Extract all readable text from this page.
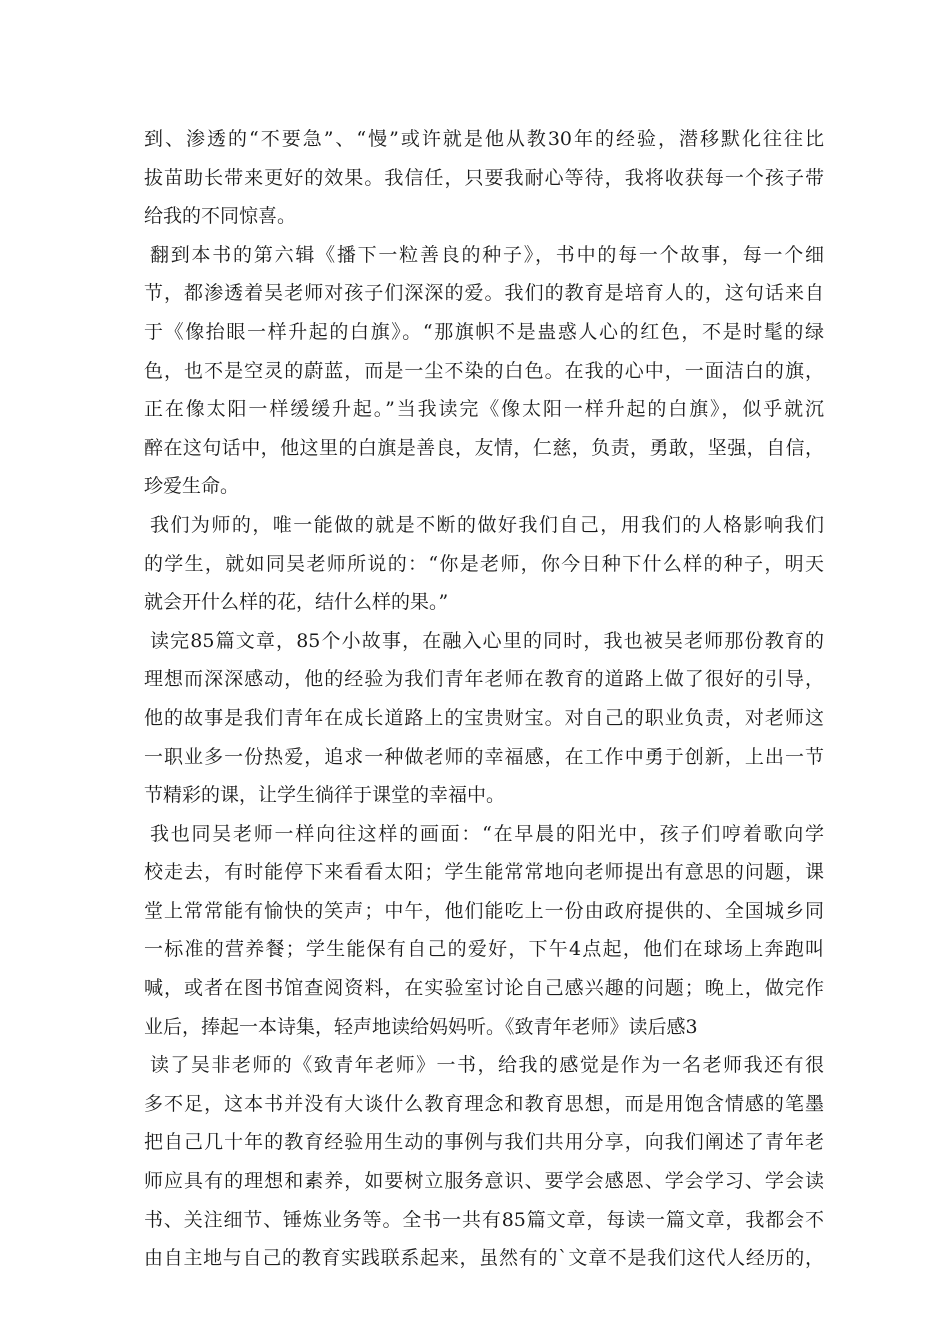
到、渗透的“不要急”、“慢”或许就是他从教30年的经验，潜移默化往往比
拔苗助长带来更好的效果。我信任，只要我耐心等待，我将收获每一个孩子带
给我的不同惊喜。
翻到本书的第六辑《播下一粒善良的种子》，书中的每一个故事，每一个细
节，都渗透着吴老师对孩子们深深的爱。我们的教育是培育人的，这句话来自
于《像抬眼一样升起的白旗》。“那旗帜不是蛊惑人心的红色，不是时髦的绿
色，也不是空灵的蔚蓝，而是一尘不染的白色。在我的心中，一面洁白的旗，
正在像太阳一样缓缓升起。”当我读完《像太阳一样升起的白旗》，似乎就沉
醉在这句话中，他这里的白旗是善良，友情，仁慈，负责，勇敢，坚强，自信，
珍爱生命。
我们为师的，唯一能做的就是不断的做好我们自己，用我们的人格影响我们
的学生，就如同吴老师所说的：“你是老师，你今日种下什么样的种子，明天
就会开什么样的花，结什么样的果。”
读完85篇文章，85个小故事，在融入心里的同时，我也被吴老师那份教育的
理想而深深感动，他的经验为我们青年老师在教育的道路上做了很好的引导，
他的故事是我们青年在成长道路上的宝贵财宝。对自己的职业负责，对老师这
一职业多一份热爱，追求一种做老师的幸福感，在工作中勇于创新，上出一节
节精彩的课，让学生徜徉于课堂的幸福中。
我也同吴老师一样向往这样的画面：“在早晨的阳光中，孩子们哼着歌向学
校走去，有时能停下来看看太阳；学生能常常地向老师提出有意思的问题，课
堂上常常能有愉快的笑声；中午，他们能吃上一份由政府提供的、全国城乡同
一标准的营养餐；学生能保有自己的爱好，下午4点起，他们在球场上奔跑叫
喊，或者在图书馆查阅资料，在实验室讨论自己感兴趣的问题；晚上，做完作
业后，捧起一本诗集，轻声地读给妈妈听。《致青年老师》读后感3
读了吴非老师的《致青年老师》一书，给我的感觉是作为一名老师我还有很
多不足，这本书并没有大谈什么教育理念和教育思想，而是用饱含情感的笔墨
把自己几十年的教育经验用生动的事例与我们共用分享，向我们阐述了青年老
师应具有的理想和素养，如要树立服务意识、要学会感恩、学会学习、学会读
书、关注细节、锤炼业务等。全书一共有85篇文章，每读一篇文章，我都会不
由自主地与自己的教育实践联系起来，虽然有的`文章不是我们这代人经历的，
